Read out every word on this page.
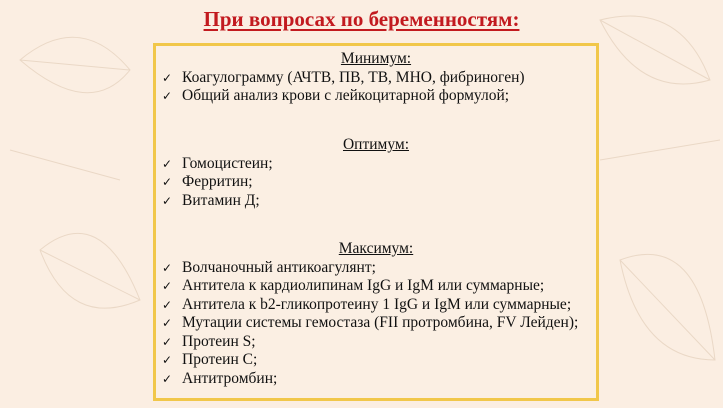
При вопросах по беременностям:
Минимум:
✓ Коагулограмму (АЧТВ, ПВ, ТВ, МНО, фибриноген)
✓ Общий анализ крови с лейкоцитарной формулой;
Оптимум:
✓ Гомоцистеин;
✓ Ферритин;
✓ Витамин Д;
Максимум:
✓ Волчаночный антикоагулянт;
✓ Антитела к кардиолипинам IgG и IgM или суммарные;
✓ Антитела к b2-гликопротеину 1 IgG и IgM или суммарные;
✓ Мутации системы гемостаза (FII протромбина, FV Лейден);
✓ Протеин S;
✓ Протеин C;
✓ Антитромбин;
